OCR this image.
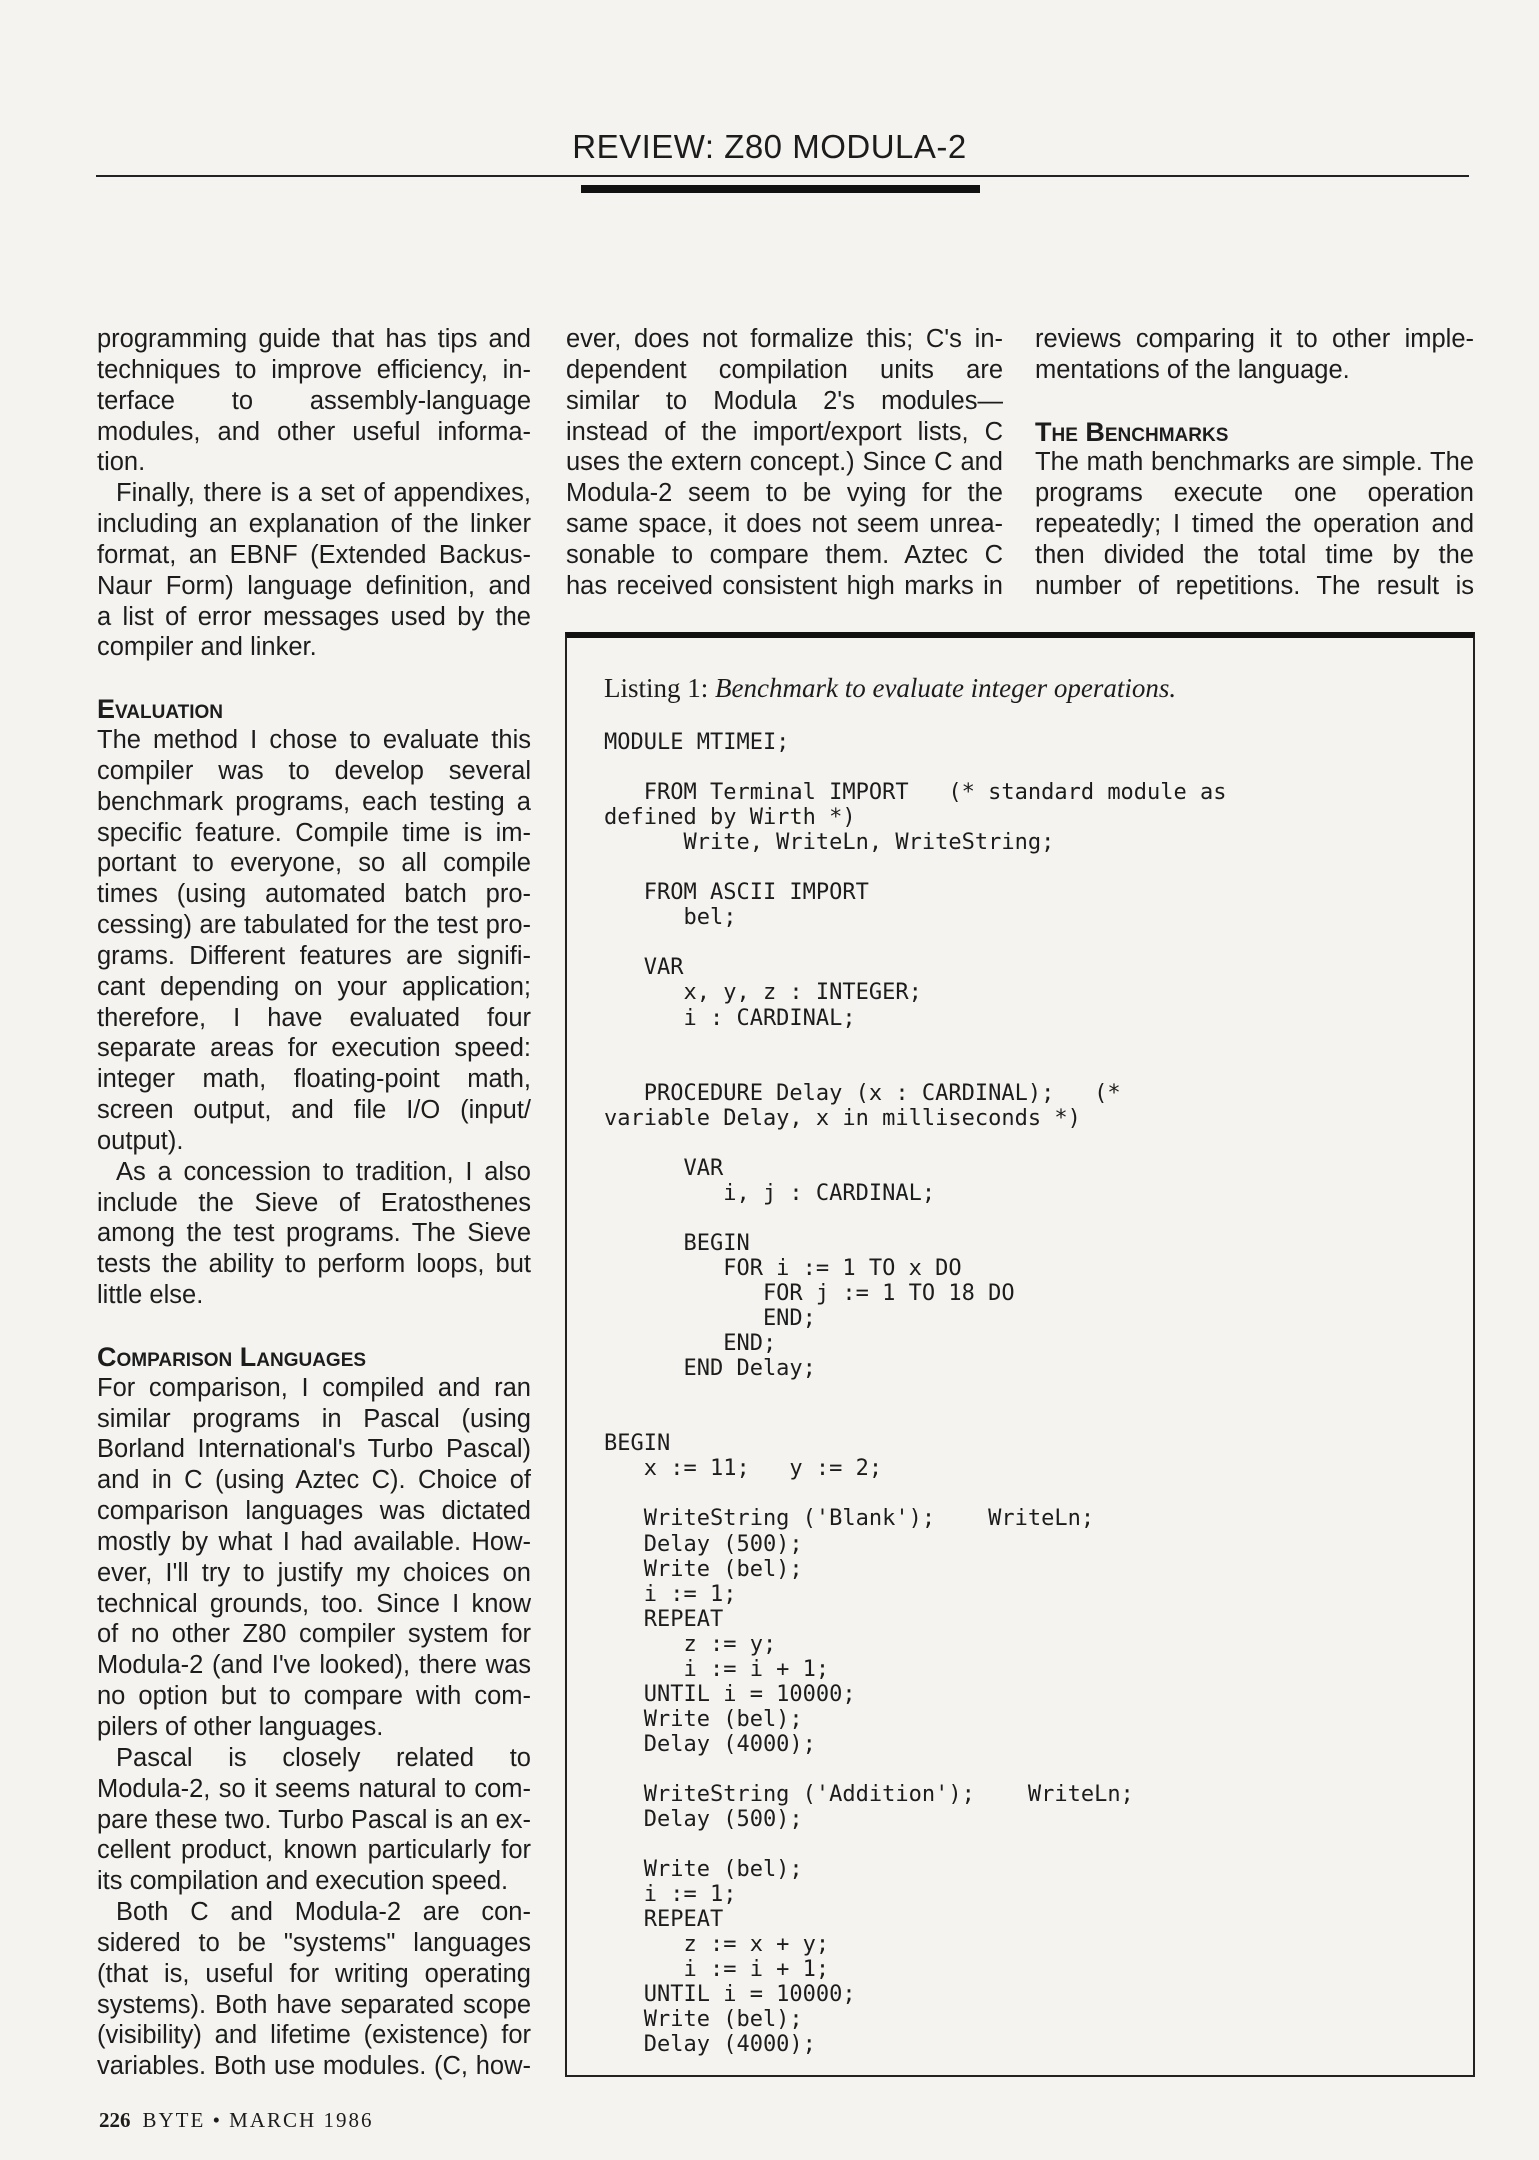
REVIEW: Z80 MODULA-2
programming guide that has tips and
techniques to improve efficiency, in-
terface to assembly-language
modules, and other useful informa-
tion.
Finally, there is a set of appendixes,
including an explanation of the linker
format, an EBNF (Extended Backus-
Naur Form) language definition, and
a list of error messages used by the
compiler and linker.
Evaluation
The method I chose to evaluate this
compiler was to develop several
benchmark programs, each testing a
specific feature. Compile time is im-
portant to everyone, so all compile
times (using automated batch pro-
cessing) are tabulated for the test pro-
grams. Different features are signifi-
cant depending on your application;
therefore, I have evaluated four
separate areas for execution speed:
integer math, floating-point math,
screen output, and file I/O (input/
output).
As a concession to tradition, I also
include the Sieve of Eratosthenes
among the test programs. The Sieve
tests the ability to perform loops, but
little else.
Comparison Languages
For comparison, I compiled and ran
similar programs in Pascal (using
Borland International's Turbo Pascal)
and in C (using Aztec C). Choice of
comparison languages was dictated
mostly by what I had available. How-
ever, I'll try to justify my choices on
technical grounds, too. Since I know
of no other Z80 compiler system for
Modula-2 (and I've looked), there was
no option but to compare with com-
pilers of other languages.
Pascal is closely related to
Modula-2, so it seems natural to com-
pare these two. Turbo Pascal is an ex-
cellent product, known particularly for
its compilation and execution speed.
Both C and Modula-2 are con-
sidered to be "systems" languages
(that is, useful for writing operating
systems). Both have separated scope
(visibility) and lifetime (existence) for
variables. Both use modules. (C, how-
ever, does not formalize this; C's in-
dependent compilation units are
similar to Modula 2's modules—
instead of the import/export lists, C
uses the extern concept.) Since C and
Modula-2 seem to be vying for the
same space, it does not seem unrea-
sonable to compare them. Aztec C
has received consistent high marks in
reviews comparing it to other imple-
mentations of the language.
The Benchmarks
The math benchmarks are simple. The
programs execute one operation
repeatedly; I timed the operation and
then divided the total time by the
number of repetitions. The result is
Listing 1: Benchmark to evaluate integer operations.
MODULE MTIMEI;
FROM Terminal IMPORT   (* standard module as
defined by Wirth *)
Write, WriteLn, WriteString;
FROM ASCII IMPORT
bel;
VAR
x, y, z : INTEGER;
i : CARDINAL;
PROCEDURE Delay (x : CARDINAL);   (*
variable Delay, x in milliseconds *)
VAR
i, j : CARDINAL;
BEGIN
FOR i := 1 TO x DO
FOR j := 1 TO 18 DO
END;
END;
END Delay;
BEGIN
x := 11;   y := 2;
WriteString ('Blank');    WriteLn;
Delay (500);
Write (bel);
i := 1;
REPEAT
z := y;
i := i + 1;
UNTIL i = 10000;
Write (bel);
Delay (4000);
WriteString ('Addition');    WriteLn;
Delay (500);
Write (bel);
i := 1;
REPEAT
z := x + y;
i := i + 1;
UNTIL i = 10000;
Write (bel);
Delay (4000);
226 BYTE • MARCH 1986
